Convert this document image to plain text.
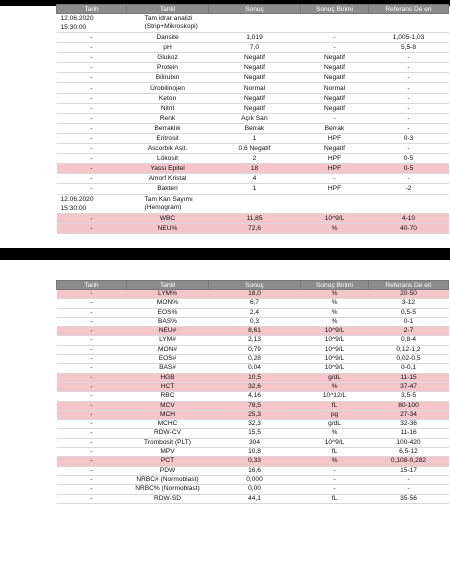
Tarih	Tahlil	Sonuç	Sonuç Birimi	Referans De eri
12.06.2020
15:30:00	Tam idrar analizi (Strip+Mikroskopi)			
-	Dansite	1,019	-	1,005-1,03
-	pH	7,0	-	5,5-8
-	Glukoz	Negatif	Negatif	-
-	Protein	Negatif	Negatif	-
-	Bilirubin	Negatif	Negatif	-
-	Ürobilinojen	Normal	Normal	-
-	Keton	Negatif	Negatif	-
-	Nitrit	Negatif	Negatif	-
-	Renk	Açık Sarı	-	-
-	Berraklık	Berrak	Berrak	-
-	Eritrosit	1	HPF	0-3
-	Ascorbik Asit.	0,6 Negatif	Negatif	-
-	Lökosit	2	HPF	0-5
-	Yassı Epitel	18	HPF	0-5
-	Amorf Kristal	4	-	-
-	Bakteri	1	HPF	-2
12.06.2020
15:30:00	Tam Kan Sayımı (Hemogram)			
-	WBC	11,85	10^9/L	4-10
-	NEU%	72,6	%	40-70
Tarih	Tahlil	Sonuç	Sonuç Birimi	Referans De eri
-	LYM%	18,0	%	20-50
-	MON%	6,7	%	3-12
-	EOS%	2,4	%	0,5-5
-	BAS%	0,3	%	0-1
-	NEU#	8,61	10^9/L	2-7
-	LYM#	2,13	10^9/L	0,8-4
-	MON#	0,79	10^9/L	0,12-1,2
-	EOS#	0,28	10^9/L	0,02-0,5
-	BAS#	0,04	10^9/L	0-0,1
-	HGB	10,5	g/dL	11-15
-	HCT	32,6	%	37-47
-	RBC	4,16	10^12/L	3,5-5
-	MCV	78,5	fL	80-100
-	MCH	25,3	pg	27-34
-	MCHC	32,3	g/dL	32-36
-	RDW-CV	15,5	%	11-16
-	Trombosit (PLT)	304	10^9/L	100-420
-	MPV	10,8	fL	6,5-12
-	PCT	0,33	%	0,108-0,282
-	PDW	16,6	-	15-17
-	NRBC# (Normoblast)	0,000	-	-
-	NRBC% (Normoblast)	0,00	-	-
-	RDW-SD	44,1	fL	35-56
